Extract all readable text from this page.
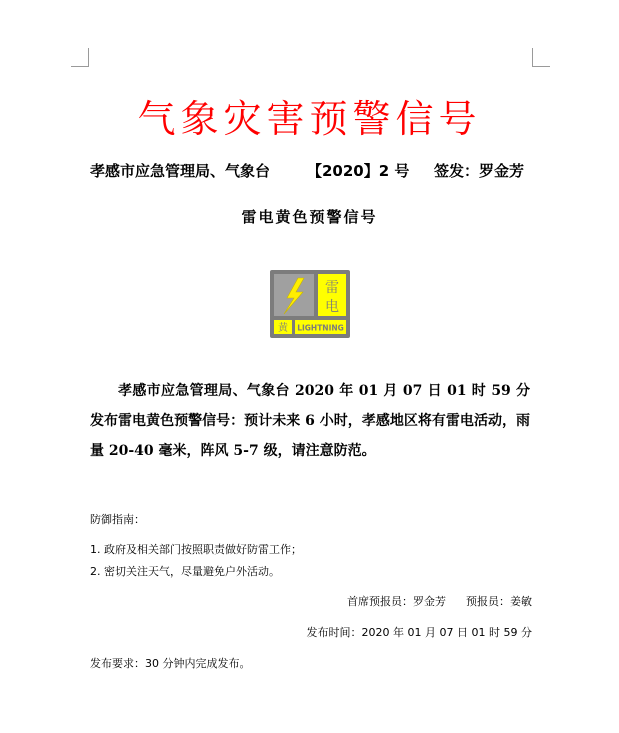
气象灾害预警信号
孝感市应急管理局、气象台 【2020】2 号 签发：罗金芳
雷电黄色预警信号
雷
电
黄 LIGHTNING
孝感市应急管理局、气象台 2020 年 01 月 07 日 01 时 59 分发布雷电黄色预警信号：预计未来 6 小时，孝感地区将有雷电活动，雨量 20-40 毫米，阵风 5-7 级，请注意防范。
防御指南：
1. 政府及相关部门按照职责做好防雷工作；
2. 密切关注天气，尽量避免户外活动。
首席预报员：罗金芳 预报员：姜敏
发布时间：2020 年 01 月 07 日 01 时 59 分
发布要求：30 分钟内完成发布。
